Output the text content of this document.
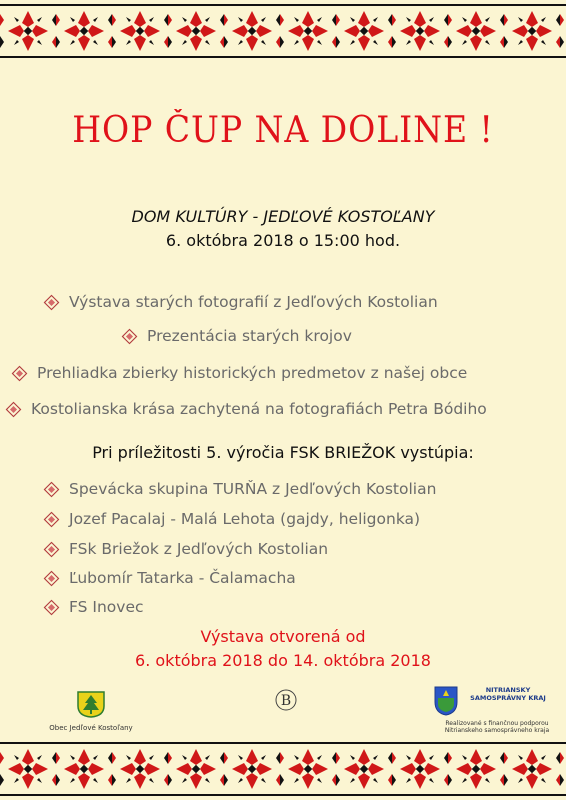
HOP ČUP NA DOLINE !
DOM KULTÚRY - JEDĽOVÉ KOSTOĽANY
6. októbra 2018 o 15:00 hod.
Výstava starých fotografií z Jedľových Kostolian
Prezentácia starých krojov
Prehliadka zbierky historických predmetov z našej obce
Kostolianska krása zachytená na fotografiách Petra Bódiho
Pri príležitosti 5. výročia FSK BRIEŽOK vystúpia:
Spevácka skupina TURŇA z Jedľových Kostolian
Jozef Pacalaj - Malá Lehota (gajdy, heligonka)
FSk Briežok z Jedľových Kostolian
Ľubomír Tatarka - Čalamacha
FS Inovec
Výstava otvorená od
6. októbra 2018 do 14. októbra 2018
Obec Jedľové Kostoľany
B
NITRIANSKY SAMOSPRÁVNY KRAJ
Realizované s finančnou podporou Nitrianskeho samosprávneho kraja
